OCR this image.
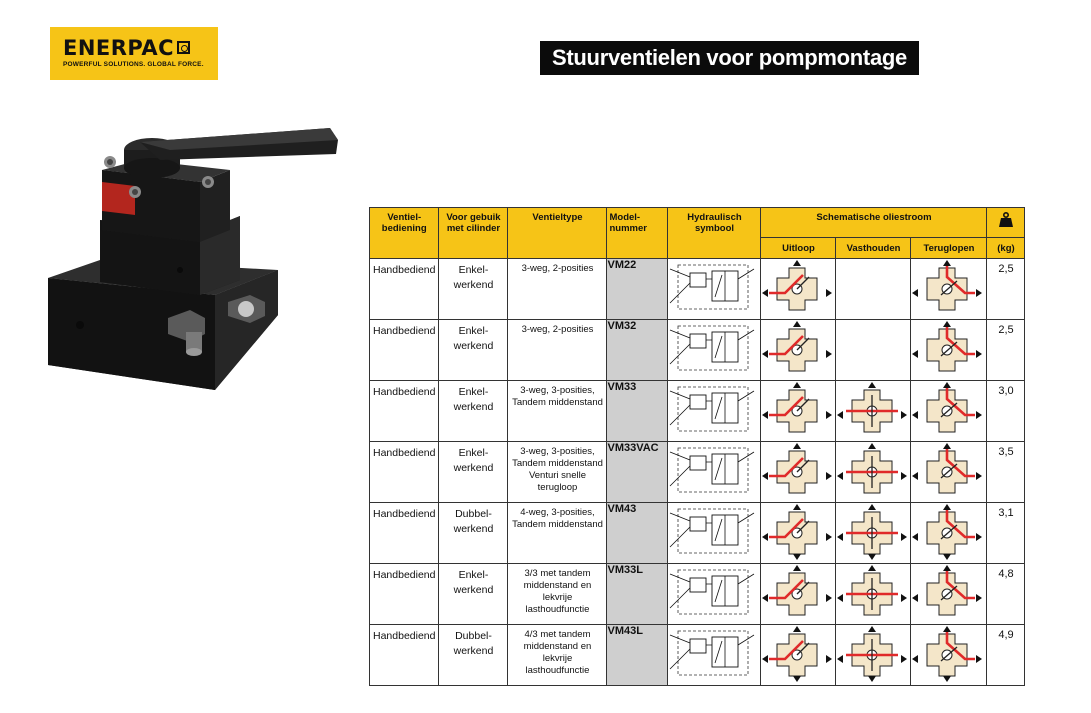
ENERPAC
POWERFUL SOLUTIONS. GLOBAL FORCE.	Stuurventielen voor pompmontage
Ventiel-
bediening	Voor gebuik
met cilinder	Ventieltype	Model-
nummer	Hydraulisch
symbool	Schematische oliestroom

					Uitloop	Vasthouden	Teruglopen	(kg)

Handbediend	Enkel-
werkend	3-weg, 2-posities	VM22					2,5

Handbediend	Enkel-
werkend	3-weg, 2-posities	VM32					2,5

Handbediend	Enkel-
werkend	3-weg, 3-posities,
Tandem middenstand	VM33					3,0

Handbediend	Enkel-
werkend	3-weg, 3-posities,
Tandem middenstand
Venturi snelle terugloop	VM33VAC					3,5

Handbediend	Dubbel-
werkend	4-weg, 3-posities,
Tandem middenstand	VM43					3,1

Handbediend	Enkel-
werkend	3/3 met tandem
middenstand en
lekvrije
lasthoudfunctie	VM33L					4,8

Handbediend	Dubbel-
werkend	4/3 met tandem
middenstand en
lekvrije
lasthoudfunctie	VM43L					4,9
